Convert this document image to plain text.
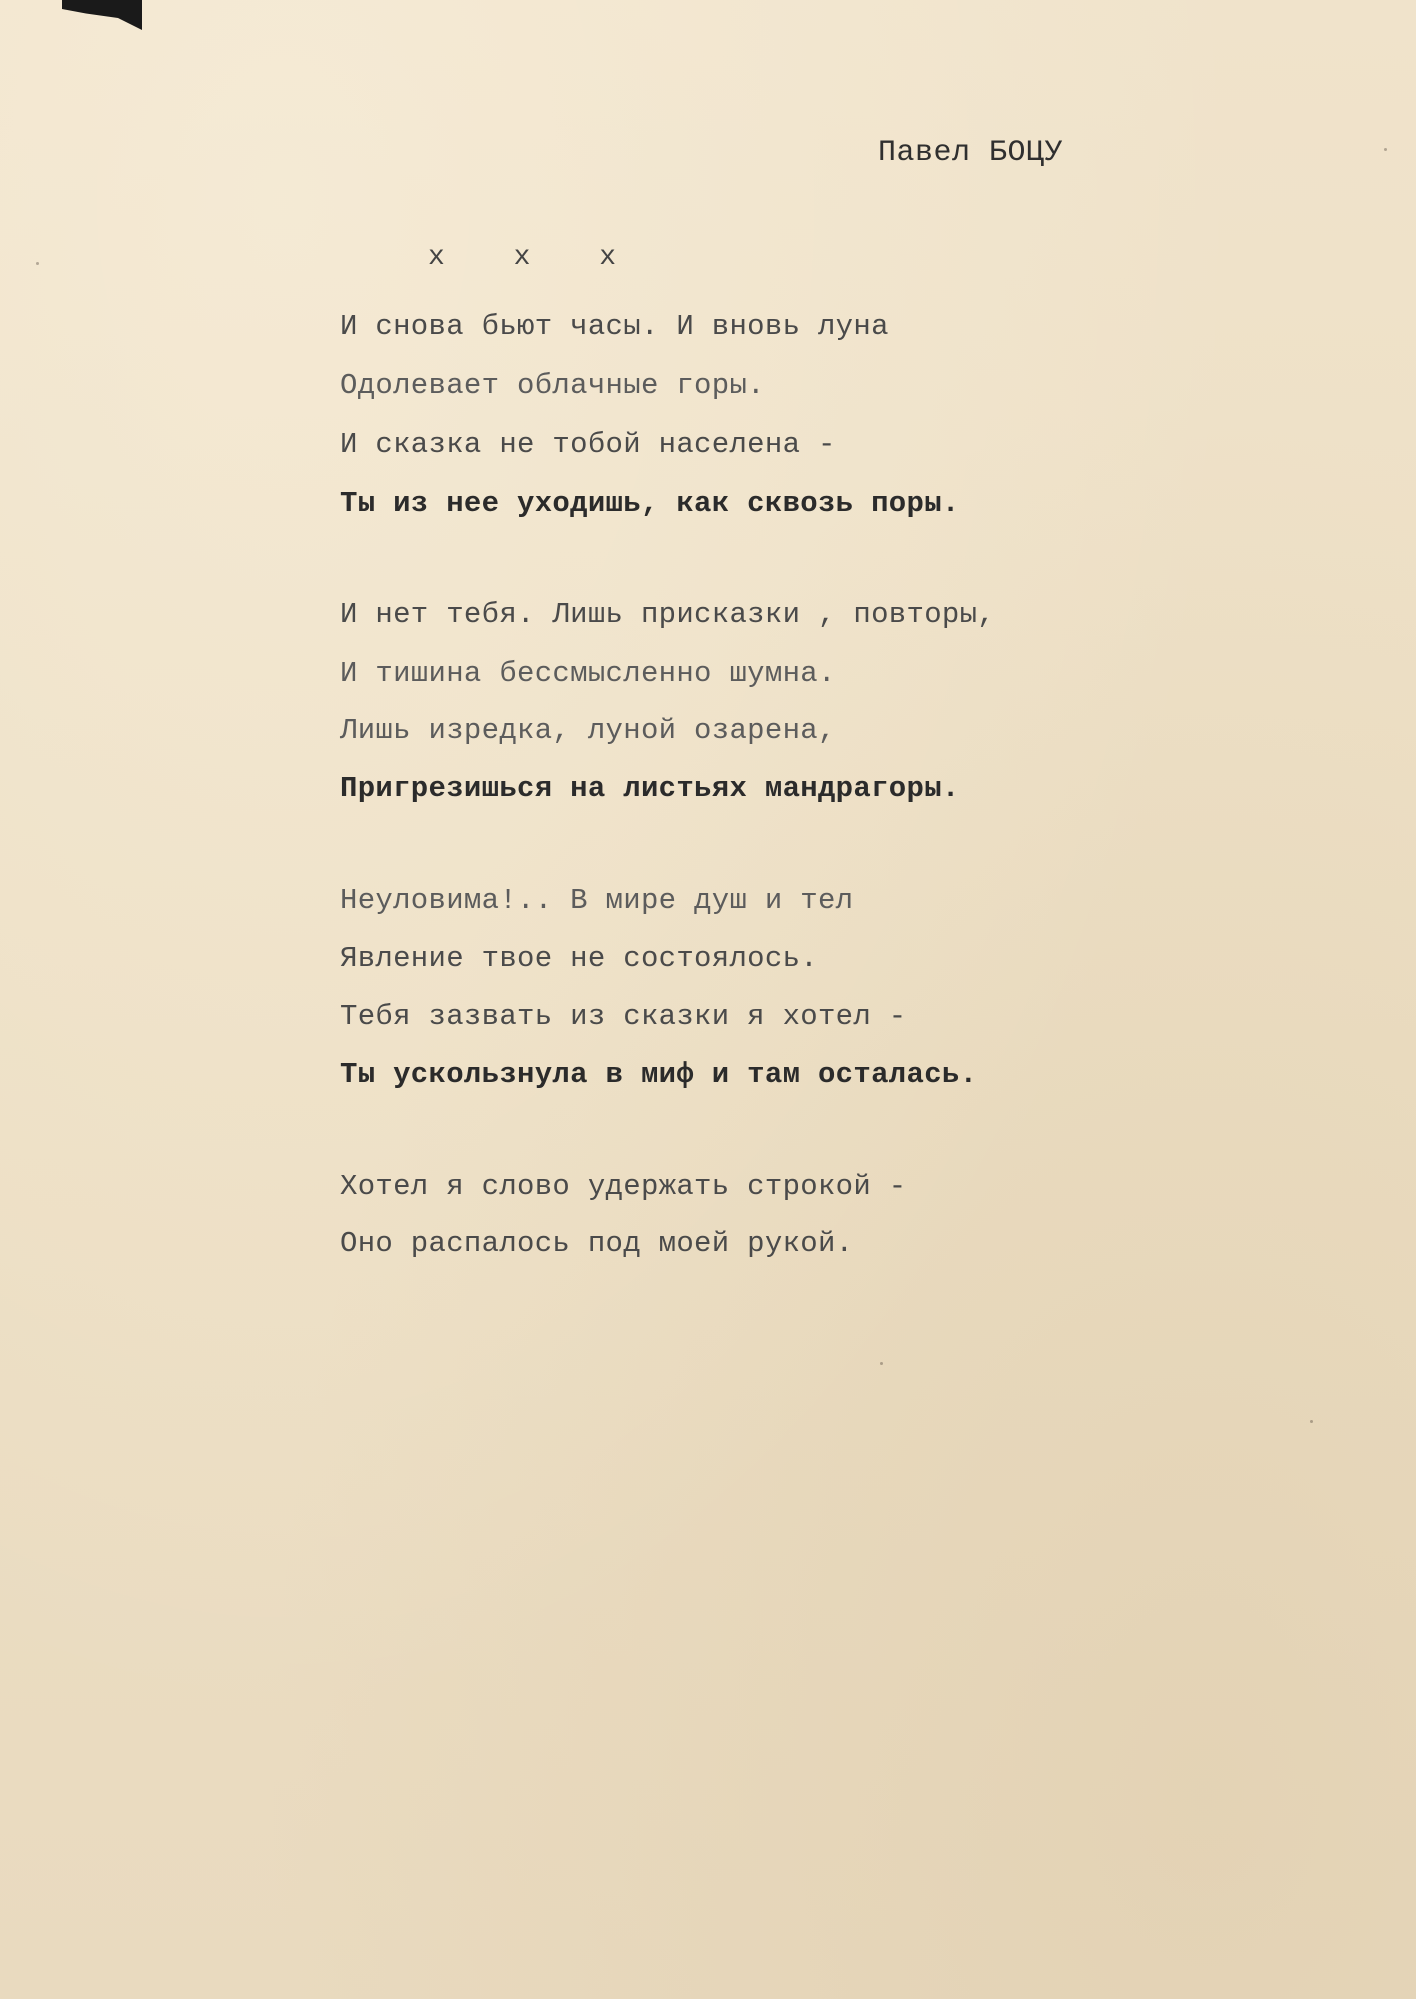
Павел БОЦУ
x x x
И снова бьют часы. И вновь луна
Одолевает облачные горы.
И сказка не тобой населена -
Ты из нее уходишь, как сквозь поры.
И нет тебя. Лишь присказки , повторы,
И тишина бессмысленно шумна.
Лишь изредка, луной озарена,
Пригрезишься на листьях мандрагоры.
Неуловима!.. В мире душ и тел
Явление твое не состоялось.
Тебя зазвать из сказки я хотел -
Ты ускользнула в миф и там осталась.
Хотел я слово удержать строкой -
Оно распалось под моей рукой.
